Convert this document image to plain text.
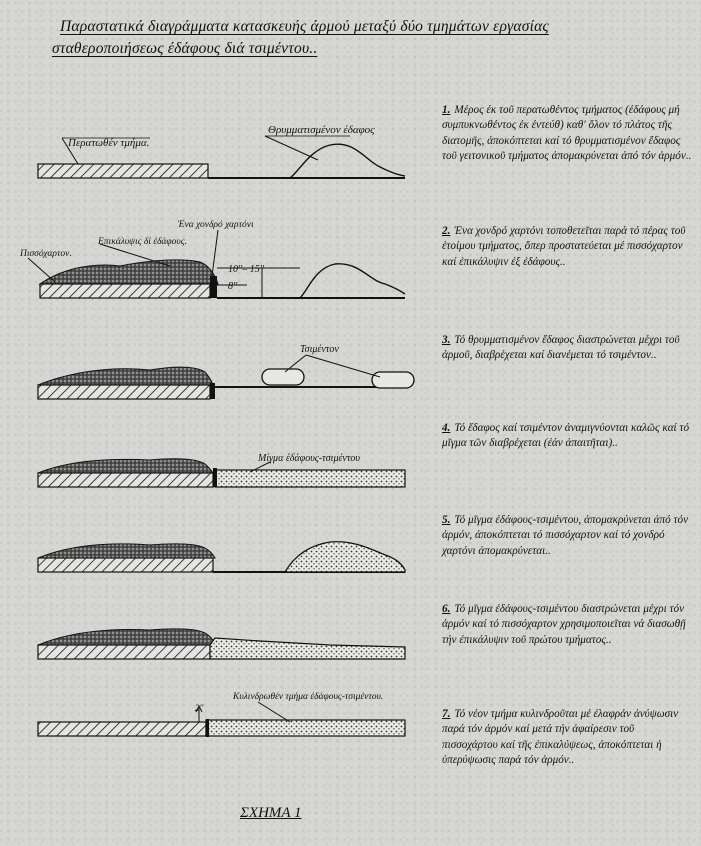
Παραστατικά διαγράμματα κατασκευής άρμού μεταξύ δύο τμημάτων εργασίας
σταθεροποιήσεως έδάφους διά τσιμέντου..
Περατωθέν τμήμα.
Θρυμματισμένον έδαφος
10''– 15''
8''
Ένα χονδρό χαρτόνι
Επικάλυψις δί έδάφους.
Πισσόχαρτον.
Τσιμέντον
Μίγμα έδάφους-τσιμέντου
2''
Κυλινδρωθέν τμήμα έδάφους-τσιμέντου.
1. Μέρος έκ τοῦ περατωθέντος τμήματος (έδάφους μή συμπυκνωθέντος έκ έντεύθ) καθ' ὅλον τό πλάτος τῆς διατομῆς, ἀποκόπτεται καί τό θρυμματισμένον ἔδαφος τοῦ γειτονικοῦ τμήματος ἀπομακρύνεται ἀπό τόν ἁρμόν..
2. Ένα χονδρό χαρτόνι τοποθετεῖται παρά τό πέρας τοῦ ἑτοίμου τμήματος, ὅπερ προστατεύεται μέ πισσόχαρτον καί ἐπικάλυψιν ἐξ ἐδάφους..
3. Τό θρυμματισμένον ἔδαφος διαστρώνεται μέχρι τοῦ ἁρμοῦ, διαβρέχεται καί διανέμεται τό τσιμέντον..
4. Τό ἔδαφος καί τσιμέντον ἀναμιγνύονται καλῶς καί τό μῖγμα τῶν διαβρέχεται (ἐάν ἀπαιτῆται)..
5. Τό μῖγμα ἐδάφους-τσιμέντου, ἀπομακρύνεται ἀπό τόν ἁρμόν, ἀποκόπτεται τό πισσόχαρτον καί τό χονδρό χαρτόνι ἀπομακρύνεται..
6. Τό μῖγμα ἐδάφους-τσιμέντου διαστρώνεται μέχρι τόν ἁρμόν καί τό πισσόχαρτον χρησιμοποιεῖται νά διασωθῇ τήν ἐπικάλυψιν τοῦ πρώτου τμήματος..
7. Τό νέον τμήμα κυλινδροῦται μέ ἐλαφράν ἀνύψωσιν παρά τόν ἁρμόν καί μετά τήν ἀφαίρεσιν τοῦ πισσοχάρτου καί τῆς ἐπικαλύψεως, ἀποκόπτεται ἡ ὑπερύψωσις παρά τόν ἁρμόν..
ΣΧΗΜΑ 1
